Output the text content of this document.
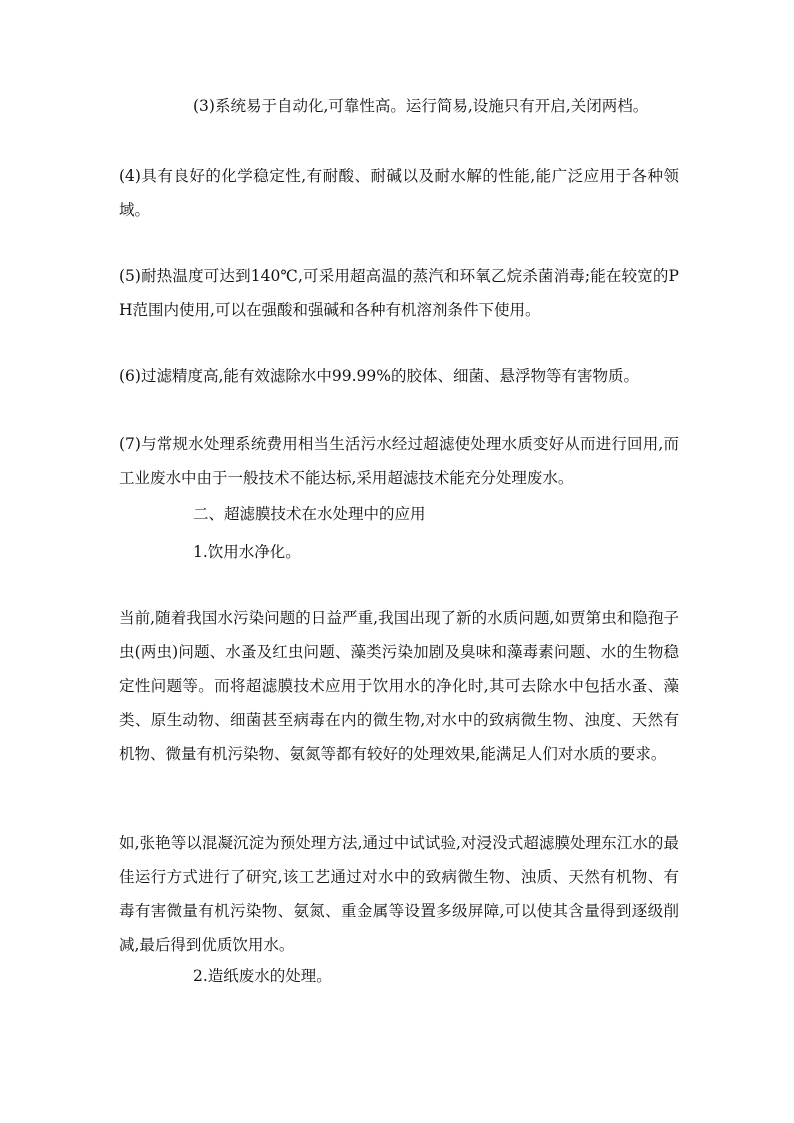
(3)系统易于自动化,可靠性高。运行简易,设施只有开启,关闭两档。

(4)具有良好的化学稳定性,有耐酸、耐碱以及耐水解的性能,能广泛应用于各种领域。

(5)耐热温度可达到140℃,可采用超高温的蒸汽和环氧乙烷杀菌消毒;能在较宽的PH范围内使用,可以在强酸和强碱和各种有机溶剂条件下使用。

(6)过滤精度高,能有效滤除水中99.99%的胶体、细菌、悬浮物等有害物质。

(7)与常规水处理系统费用相当生活污水经过超滤使处理水质变好从而进行回用,而工业废水中由于一般技术不能达标,采用超滤技术能充分处理废水。

二、超滤膜技术在水处理中的应用

1.饮用水净化。

当前,随着我国水污染问题的日益严重,我国出现了新的水质问题,如贾第虫和隐孢子虫(两虫)问题、水蚤及红虫问题、藻类污染加剧及臭味和藻毒素问题、水的生物稳定性问题等。而将超滤膜技术应用于饮用水的净化时,其可去除水中包括水蚤、藻类、原生动物、细菌甚至病毒在内的微生物,对水中的致病微生物、浊度、天然有机物、微量有机污染物、氨氮等都有较好的处理效果,能满足人们对水质的要求。

如,张艳等以混凝沉淀为预处理方法,通过中试试验,对浸没式超滤膜处理东江水的最佳运行方式进行了研究,该工艺通过对水中的致病微生物、浊质、天然有机物、有毒有害微量有机污染物、氨氮、重金属等设置多级屏障,可以使其含量得到逐级削减,最后得到优质饮用水。

2.造纸废水的处理。
